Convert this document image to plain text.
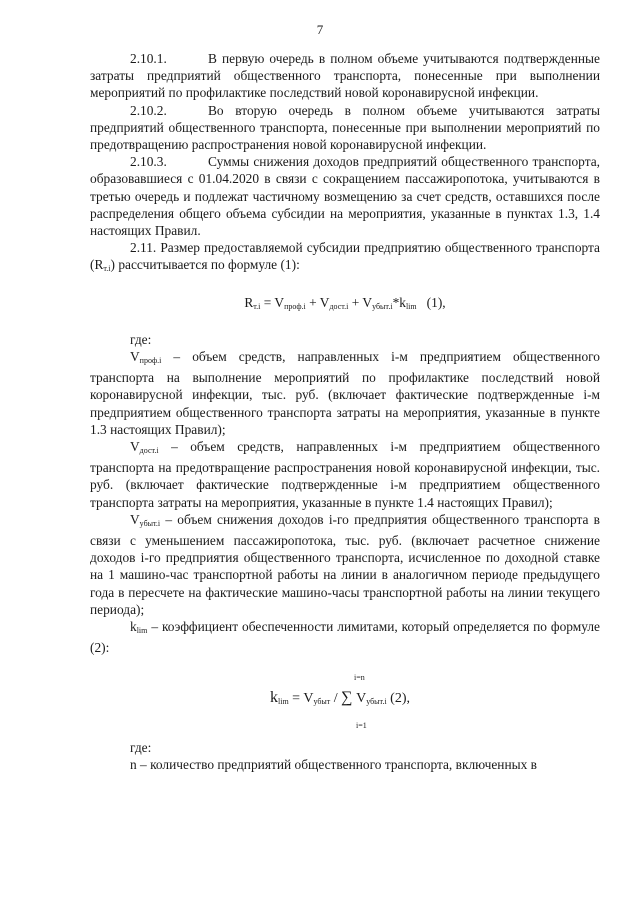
7

2.10.1.	В первую очередь в полном объеме учитываются подтвержденные затраты предприятий общественного транспорта, понесенные при выполнении мероприятий по профилактике последствий новой коронавирусной инфекции.

2.10.2.	Во вторую очередь в полном объеме учитываются затраты предприятий общественного транспорта, понесенные при выполнении мероприятий по предотвращению распространения новой коронавирусной инфекции.

2.10.3.	Суммы снижения доходов предприятий общественного транспорта, образовавшиеся с 01.04.2020 в связи с сокращением пассажиропотока, учитываются в третью очередь и подлежат частичному возмещению за счет средств, оставшихся после распределения общего объема субсидии на мероприятия, указанные в пунктах 1.3, 1.4 настоящих Правил.

2.11. Размер предоставляемой субсидии предприятию общественного транспорта $(R_{т.i})$ рассчитывается по формуле (1):

$R_{т.i} = V_{проф.i} + V_{дост.i} + V_{убыт.i}*k_{lim}$ (1),

где:

$V_{проф.i}$ – объем средств, направленных i-м предприятием общественного транспорта на выполнение мероприятий по профилактике последствий новой коронавирусной инфекции, тыс. руб. (включает фактические подтвержденные i-м предприятием общественного транспорта затраты на мероприятия, указанные в пункте 1.3 настоящих Правил);

$V_{дост.i}$ – объем средств, направленных i-м предприятием общественного транспорта на предотвращение распространения новой коронавирусной инфекции, тыс. руб. (включает фактические подтвержденные i-м предприятием общественного транспорта затраты на мероприятия, указанные в пункте 1.4 настоящих Правил);

$V_{убыт.i}$ – объем снижения доходов i-го предприятия общественного транспорта в связи с уменьшением пассажиропотока, тыс. руб. (включает расчетное снижение доходов i-го предприятия общественного транспорта, исчисленное по доходной ставке на 1 машино-час транспортной работы на линии в аналогичном периоде предыдущего года в пересчете на фактические машино-часы транспортной работы на линии текущего периода);

$k_{lim}$ – коэффициент обеспеченности лимитами, который определяется по формуле (2):

i=n
$k_{lim} = V_{убыт}$ / ∑ $V_{убыт.i}$ (2),
i=1

где:

n – количество предприятий общественного транспорта, включенных в
